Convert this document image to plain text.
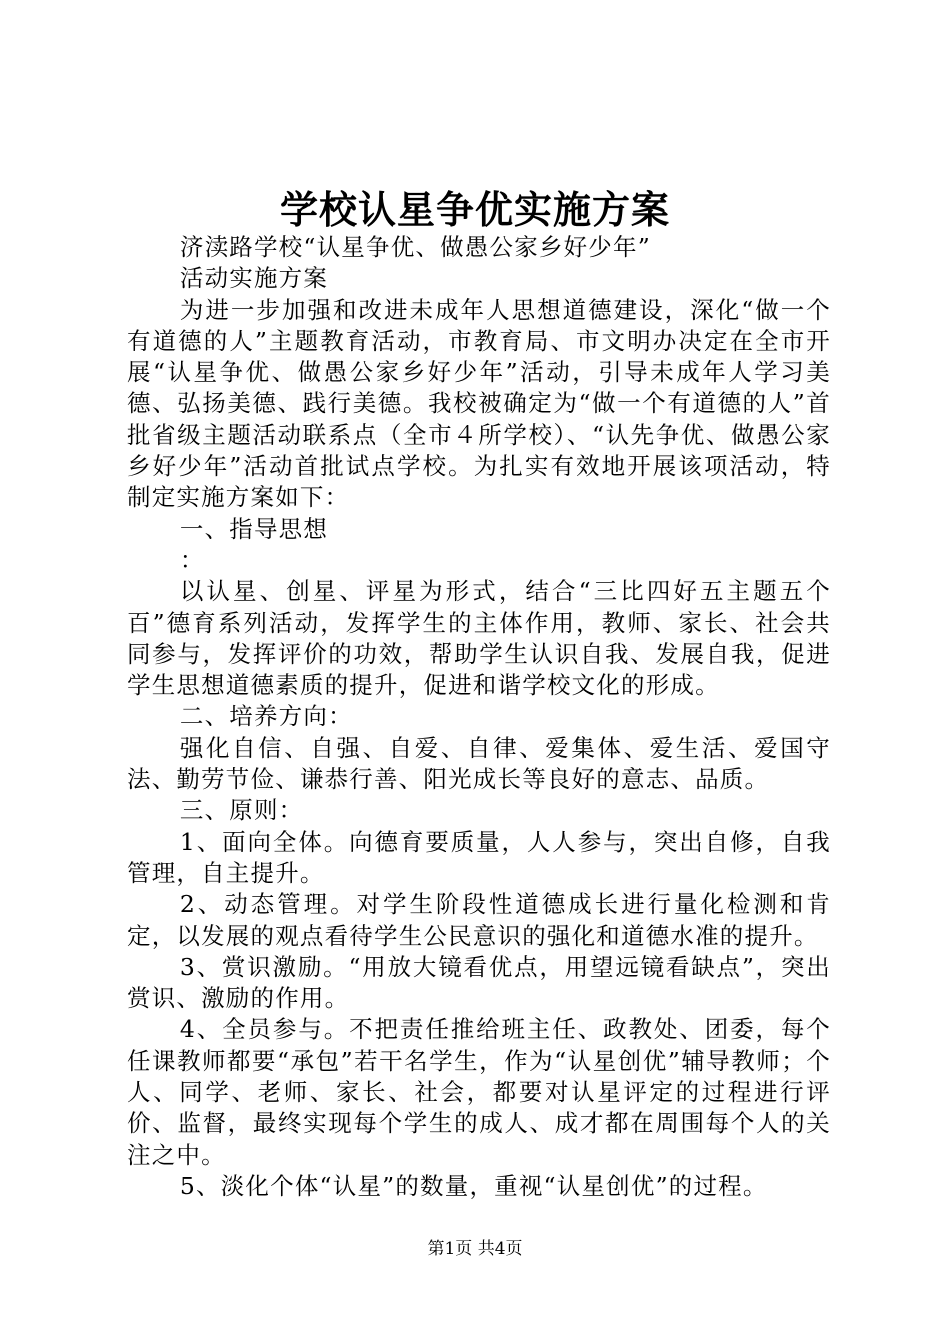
学校认星争优实施方案

济渎路学校“认星争优、做愚公家乡好少年”

活动实施方案

为进一步加强和改进未成年人思想道德建设，深化“做一个有道德的人”主题教育活动，市教育局、市文明办决定在全市开展“认星争优、做愚公家乡好少年”活动，引导未成年人学习美德、弘扬美德、践行美德。我校被确定为“做一个有道德的人”首批省级主题活动联系点（全市４所学校）、“认先争优、做愚公家乡好少年”活动首批试点学校。为扎实有效地开展该项活动，特制定实施方案如下：

一、指导思想

：

以认星、创星、评星为形式，结合“三比四好五主题五个百”德育系列活动，发挥学生的主体作用，教师、家长、社会共同参与，发挥评价的功效，帮助学生认识自我、发展自我，促进学生思想道德素质的提升，促进和谐学校文化的形成。

二、培养方向：

强化自信、自强、自爱、自律、爱集体、爱生活、爱国守法、勤劳节俭、谦恭行善、阳光成长等良好的意志、品质。

三、原则：

1、面向全体。向德育要质量，人人参与，突出自修，自我管理，自主提升。

2、动态管理。对学生阶段性道德成长进行量化检测和肯定，以发展的观点看待学生公民意识的强化和道德水准的提升。

3、赏识激励。“用放大镜看优点，用望远镜看缺点”，突出赏识、激励的作用。

4、全员参与。不把责任推给班主任、政教处、团委，每个任课教师都要“承包”若干名学生，作为“认星创优”辅导教师；个人、同学、老师、家长、社会，都要对认星评定的过程进行评价、监督，最终实现每个学生的成人、成才都在周围每个人的关注之中。

5、淡化个体“认星”的数量，重视“认星创优”的过程。

第1页 共4页
